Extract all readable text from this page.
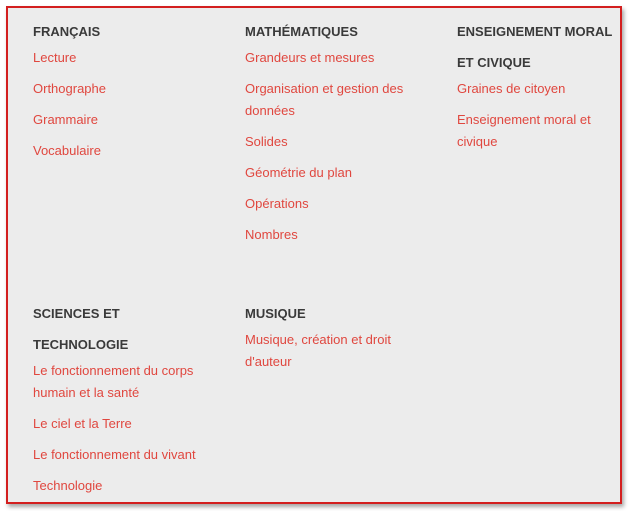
FRANÇAIS
Lecture
Orthographe
Grammaire
Vocabulaire
MATHÉMATIQUES
Grandeurs et mesures
Organisation et gestion des données
Solides
Géométrie du plan
Opérations
Nombres
ENSEIGNEMENT MORAL ET CIVIQUE
Graines de citoyen
Enseignement moral et civique
SCIENCES ET TECHNOLOGIE
Le fonctionnement du corps humain et la santé
Le ciel et la Terre
Le fonctionnement du vivant
Technologie
MUSIQUE
Musique, création et droit d'auteur
